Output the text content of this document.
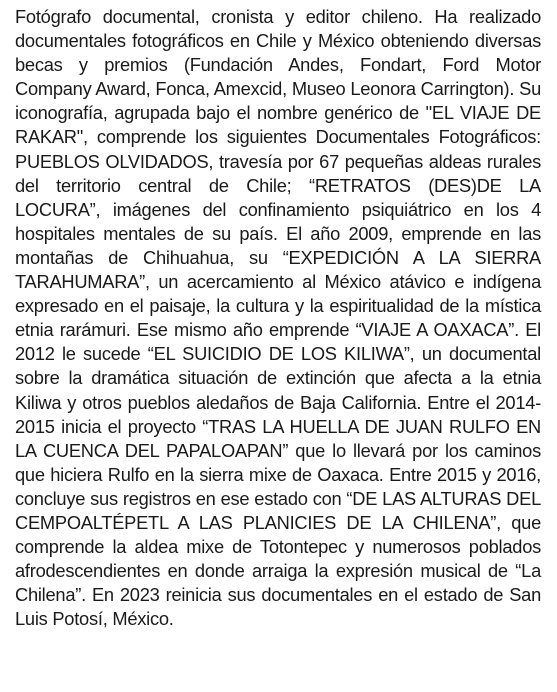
Fotógrafo documental, cronista y editor chileno. Ha realizado documentales fotográficos en Chile y México obteniendo diversas becas y premios (Fundación Andes, Fondart, Ford Motor Company Award, Fonca, Amexcid, Museo Leonora Carrington). Su iconografía, agrupada bajo el nombre genérico de "EL VIAJE DE RAKAR", comprende los siguientes Documentales Fotográficos: PUEBLOS OLVIDADOS, travesía por 67 pequeñas aldeas rurales del territorio central de Chile; “RETRATOS (DES)DE LA LOCURA”, imágenes del confinamiento psiquiátrico en los 4 hospitales mentales de su país. El año 2009, emprende en las montañas de Chihuahua, su “EXPEDICIÓN A LA SIERRA TARAHUMARA”, un acercamiento al México atávico e indígena expresado en el paisaje, la cultura y la espiritualidad de la mística etnia rarámuri. Ese mismo año emprende “VIAJE A OAXACA”. El 2012 le sucede “EL SUICIDIO DE LOS KILIWA”, un documental sobre la dramática situación de extinción que afecta a la etnia Kiliwa y otros pueblos aledaños de Baja California. Entre el 2014-2015 inicia el proyecto “TRAS LA HUELLA DE JUAN RULFO EN LA CUENCA DEL PAPALOAPAN” que lo llevará por los caminos que hiciera Rulfo en la sierra mixe de Oaxaca. Entre 2015 y 2016, concluye sus registros en ese estado con “DE LAS ALTURAS DEL CEMPOALTÉPETL A LAS PLANICIES DE LA CHILENA”, que comprende la aldea mixe de Totontepec y numerosos poblados afrodescendientes en donde arraiga la expresión musical de “La Chilena”. En 2023 reinicia sus documentales en el estado de San Luis Potosí, México.
